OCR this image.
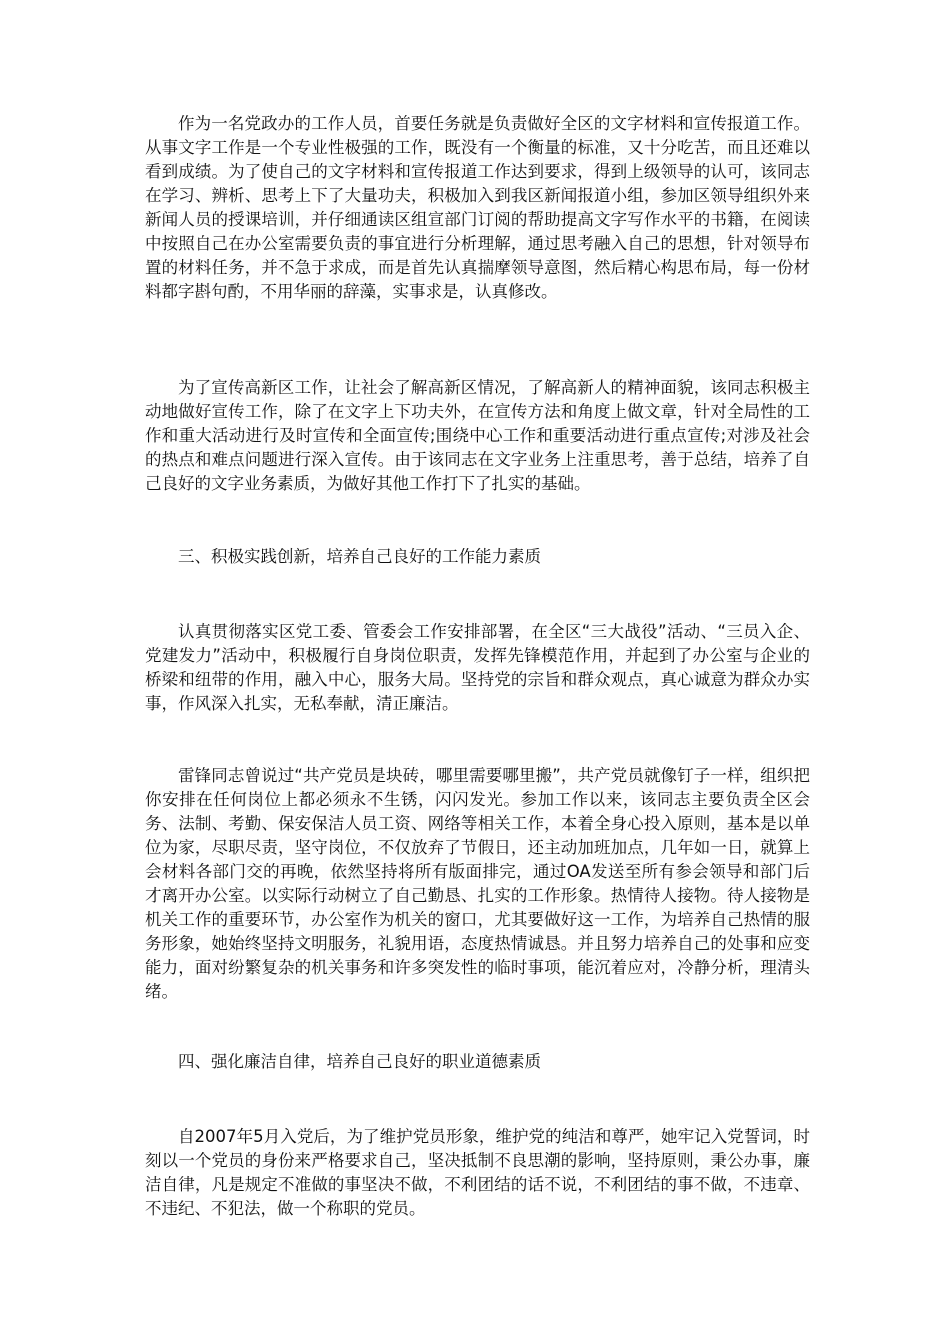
作为一名党政办的工作人员，首要任务就是负责做好全区的文字材料和宣传报道工作。从事文字工作是一个专业性极强的工作，既没有一个衡量的标准，又十分吃苦，而且还难以看到成绩。为了使自己的文字材料和宣传报道工作达到要求，得到上级领导的认可，该同志在学习、辨析、思考上下了大量功夫，积极加入到我区新闻报道小组，参加区领导组织外来新闻人员的授课培训，并仔细通读区组宣部门订阅的帮助提高文字写作水平的书籍，在阅读中按照自己在办公室需要负责的事宜进行分析理解，通过思考融入自己的思想，针对领导布置的材料任务，并不急于求成，而是首先认真揣摩领导意图，然后精心构思布局，每一份材料都字斟句酌，不用华丽的辞藻，实事求是，认真修改。

为了宣传高新区工作，让社会了解高新区情况，了解高新人的精神面貌，该同志积极主动地做好宣传工作，除了在文字上下功夫外，在宣传方法和角度上做文章，针对全局性的工作和重大活动进行及时宣传和全面宣传;围绕中心工作和重要活动进行重点宣传;对涉及社会的热点和难点问题进行深入宣传。由于该同志在文字业务上注重思考，善于总结，培养了自己良好的文字业务素质，为做好其他工作打下了扎实的基础。

三、积极实践创新，培养自己良好的工作能力素质

认真贯彻落实区党工委、管委会工作安排部署，在全区“三大战役”活动、“三员入企、党建发力”活动中，积极履行自身岗位职责，发挥先锋模范作用，并起到了办公室与企业的桥梁和纽带的作用，融入中心，服务大局。坚持党的宗旨和群众观点，真心诚意为群众办实事，作风深入扎实，无私奉献，清正廉洁。

雷锋同志曾说过“共产党员是块砖，哪里需要哪里搬”，共产党员就像钉子一样，组织把你安排在任何岗位上都必须永不生锈，闪闪发光。参加工作以来，该同志主要负责全区会务、法制、考勤、保安保洁人员工资、网络等相关工作，本着全身心投入原则，基本是以单位为家，尽职尽责，坚守岗位，不仅放弃了节假日，还主动加班加点，几年如一日，就算上会材料各部门交的再晚，依然坚持将所有版面排完，通过OA发送至所有参会领导和部门后才离开办公室。以实际行动树立了自己勤恳、扎实的工作形象。热情待人接物。待人接物是机关工作的重要环节，办公室作为机关的窗口，尤其要做好这一工作，为培养自己热情的服务形象，她始终坚持文明服务，礼貌用语，态度热情诚恳。并且努力培养自己的处事和应变能力，面对纷繁复杂的机关事务和许多突发性的临时事项，能沉着应对，冷静分析，理清头绪。

四、强化廉洁自律，培养自己良好的职业道德素质

自2007年5月入党后，为了维护党员形象，维护党的纯洁和尊严，她牢记入党誓词，时刻以一个党员的身份来严格要求自己，坚决抵制不良思潮的影响，坚持原则，秉公办事，廉洁自律，凡是规定不准做的事坚决不做，不利团结的话不说，不利团结的事不做，不违章、不违纪、不犯法，做一个称职的党员。
